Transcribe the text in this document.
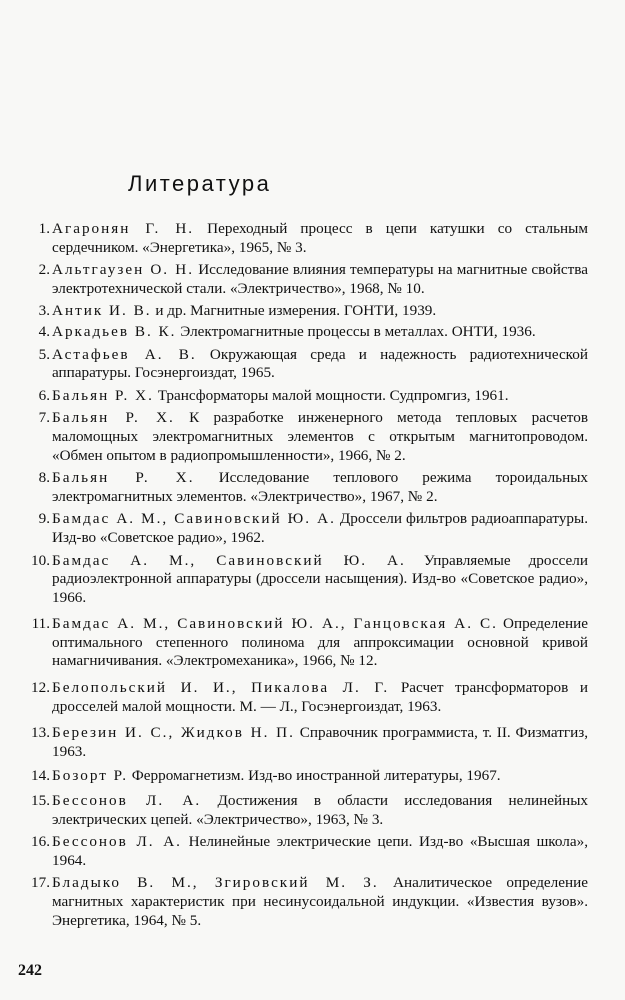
Литература
1. Агаронян Г. Н. Переходный процесс в цепи катушки со стальным сердечником. «Энергетика», 1965, № 3.
2. Альтгаузен О. Н. Исследование влияния температуры на магнитные свойства электротехнической стали. «Электричество», 1968, № 10.
3. Антик И. В. и др. Магнитные измерения. ГОНТИ, 1939.
4. Аркадьев В. К. Электромагнитные процессы в металлах. ОНТИ, 1936.
5. Астафьев А. В. Окружающая среда и надежность радиотехнической аппаратуры. Госэнергоиздат, 1965.
6. Бальян Р. Х. Трансформаторы малой мощности. Судпромгиз, 1961.
7. Бальян Р. Х. К разработке инженерного метода тепловых расчетов маломощных электромагнитных элементов с открытым магнитопроводом. «Обмен опытом в радиопромышленности», 1966, № 2.
8. Бальян Р. Х. Исследование теплового режима тороидальных электромагнитных элементов. «Электричество», 1967, № 2.
9. Бамдас А. М., Савиновский Ю. А. Дроссели фильтров радиоаппаратуры. Изд-во «Советское радио», 1962.
10. Бамдас А. М., Савиновский Ю. А. Управляемые дроссели радиоэлектронной аппаратуры (дроссели насыщения). Изд-во «Советское радио», 1966.
11. Бамдас А. М., Савиновский Ю. А., Ганцовская А. С. Определение оптимального степенного полинома для аппроксимации основной кривой намагничивания. «Электромеханика», 1966, № 12.
12. Белопольский И. И., Пикалова Л. Г. Расчет трансформаторов и дросселей малой мощности. М. — Л., Госэнергоиздат, 1963.
13. Березин И. С., Жидков Н. П. Справочник программиста, т. II. Физматгиз, 1963.
14. Бозорт Р. Ферромагнетизм. Изд-во иностранной литературы, 1967.
15. Бессонов Л. А. Достижения в области исследования нелинейных электрических цепей. «Электричество», 1963, № 3.
16. Бессонов Л. А. Нелинейные электрические цепи. Изд-во «Высшая школа», 1964.
17. Бладыко В. М., Згировский М. З. Аналитическое определение магнитных характеристик при несинусоидальной индукции. «Известия вузов». Энергетика, 1964, № 5.
242
